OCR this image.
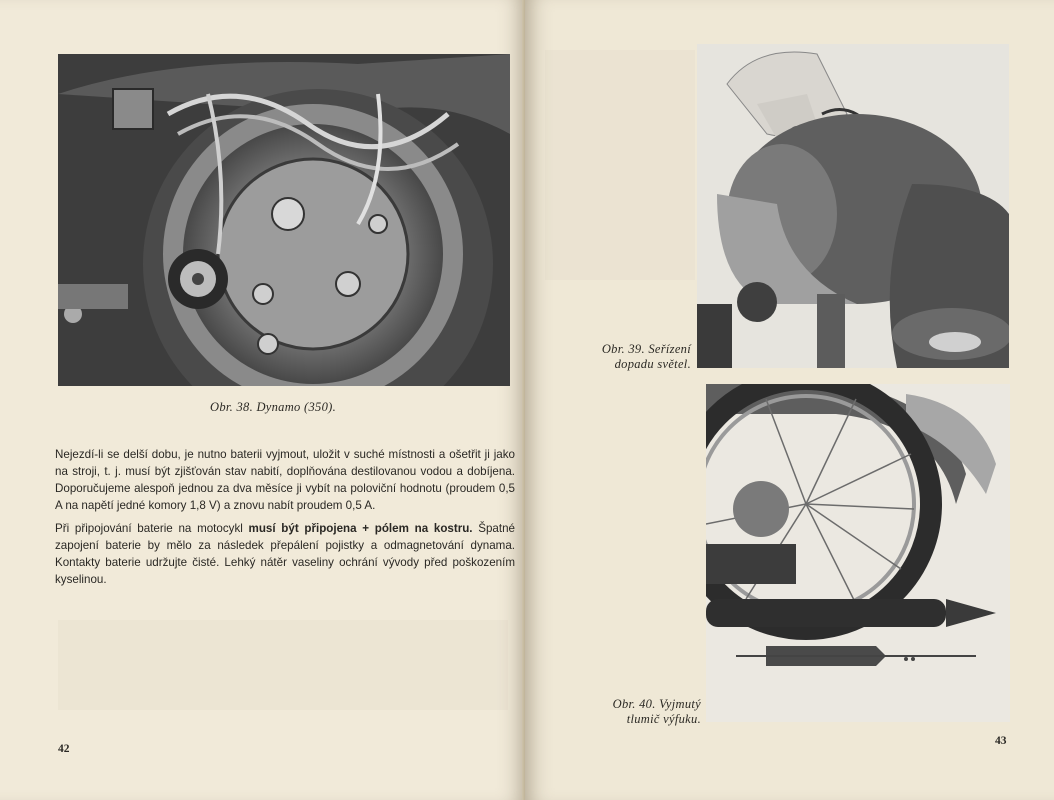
Obr. 38. Dynamo (350).

Nejezdí-li se delší dobu, je nutno baterii vyjmout, uložit v suché místnosti a ošetřit ji jako na stroji, t. j. musí být zjišťován stav nabití, doplňována destilovanou vodou a dobíjena. Doporučujeme alespoň jednou za dva měsíce ji vybít na poloviční hodnotu (proudem 0,5 A na napětí jedné komory 1,8 V) a znovu nabít proudem 0,5 A.

Při připojování baterie na motocykl musí být připojena + pólem na kostru. Špatné zapojení baterie by mělo za následek přepálení pojistky a odmagnetování dynama. Kontakty baterie udržujte čisté. Lehký nátěr vaseliny ochrání vývody před poškozením kyselinou.

42
Obr. 39. Seřízení
dopadu světel.
Obr. 40. Vyjmutý
tlumič výfuku.
43
